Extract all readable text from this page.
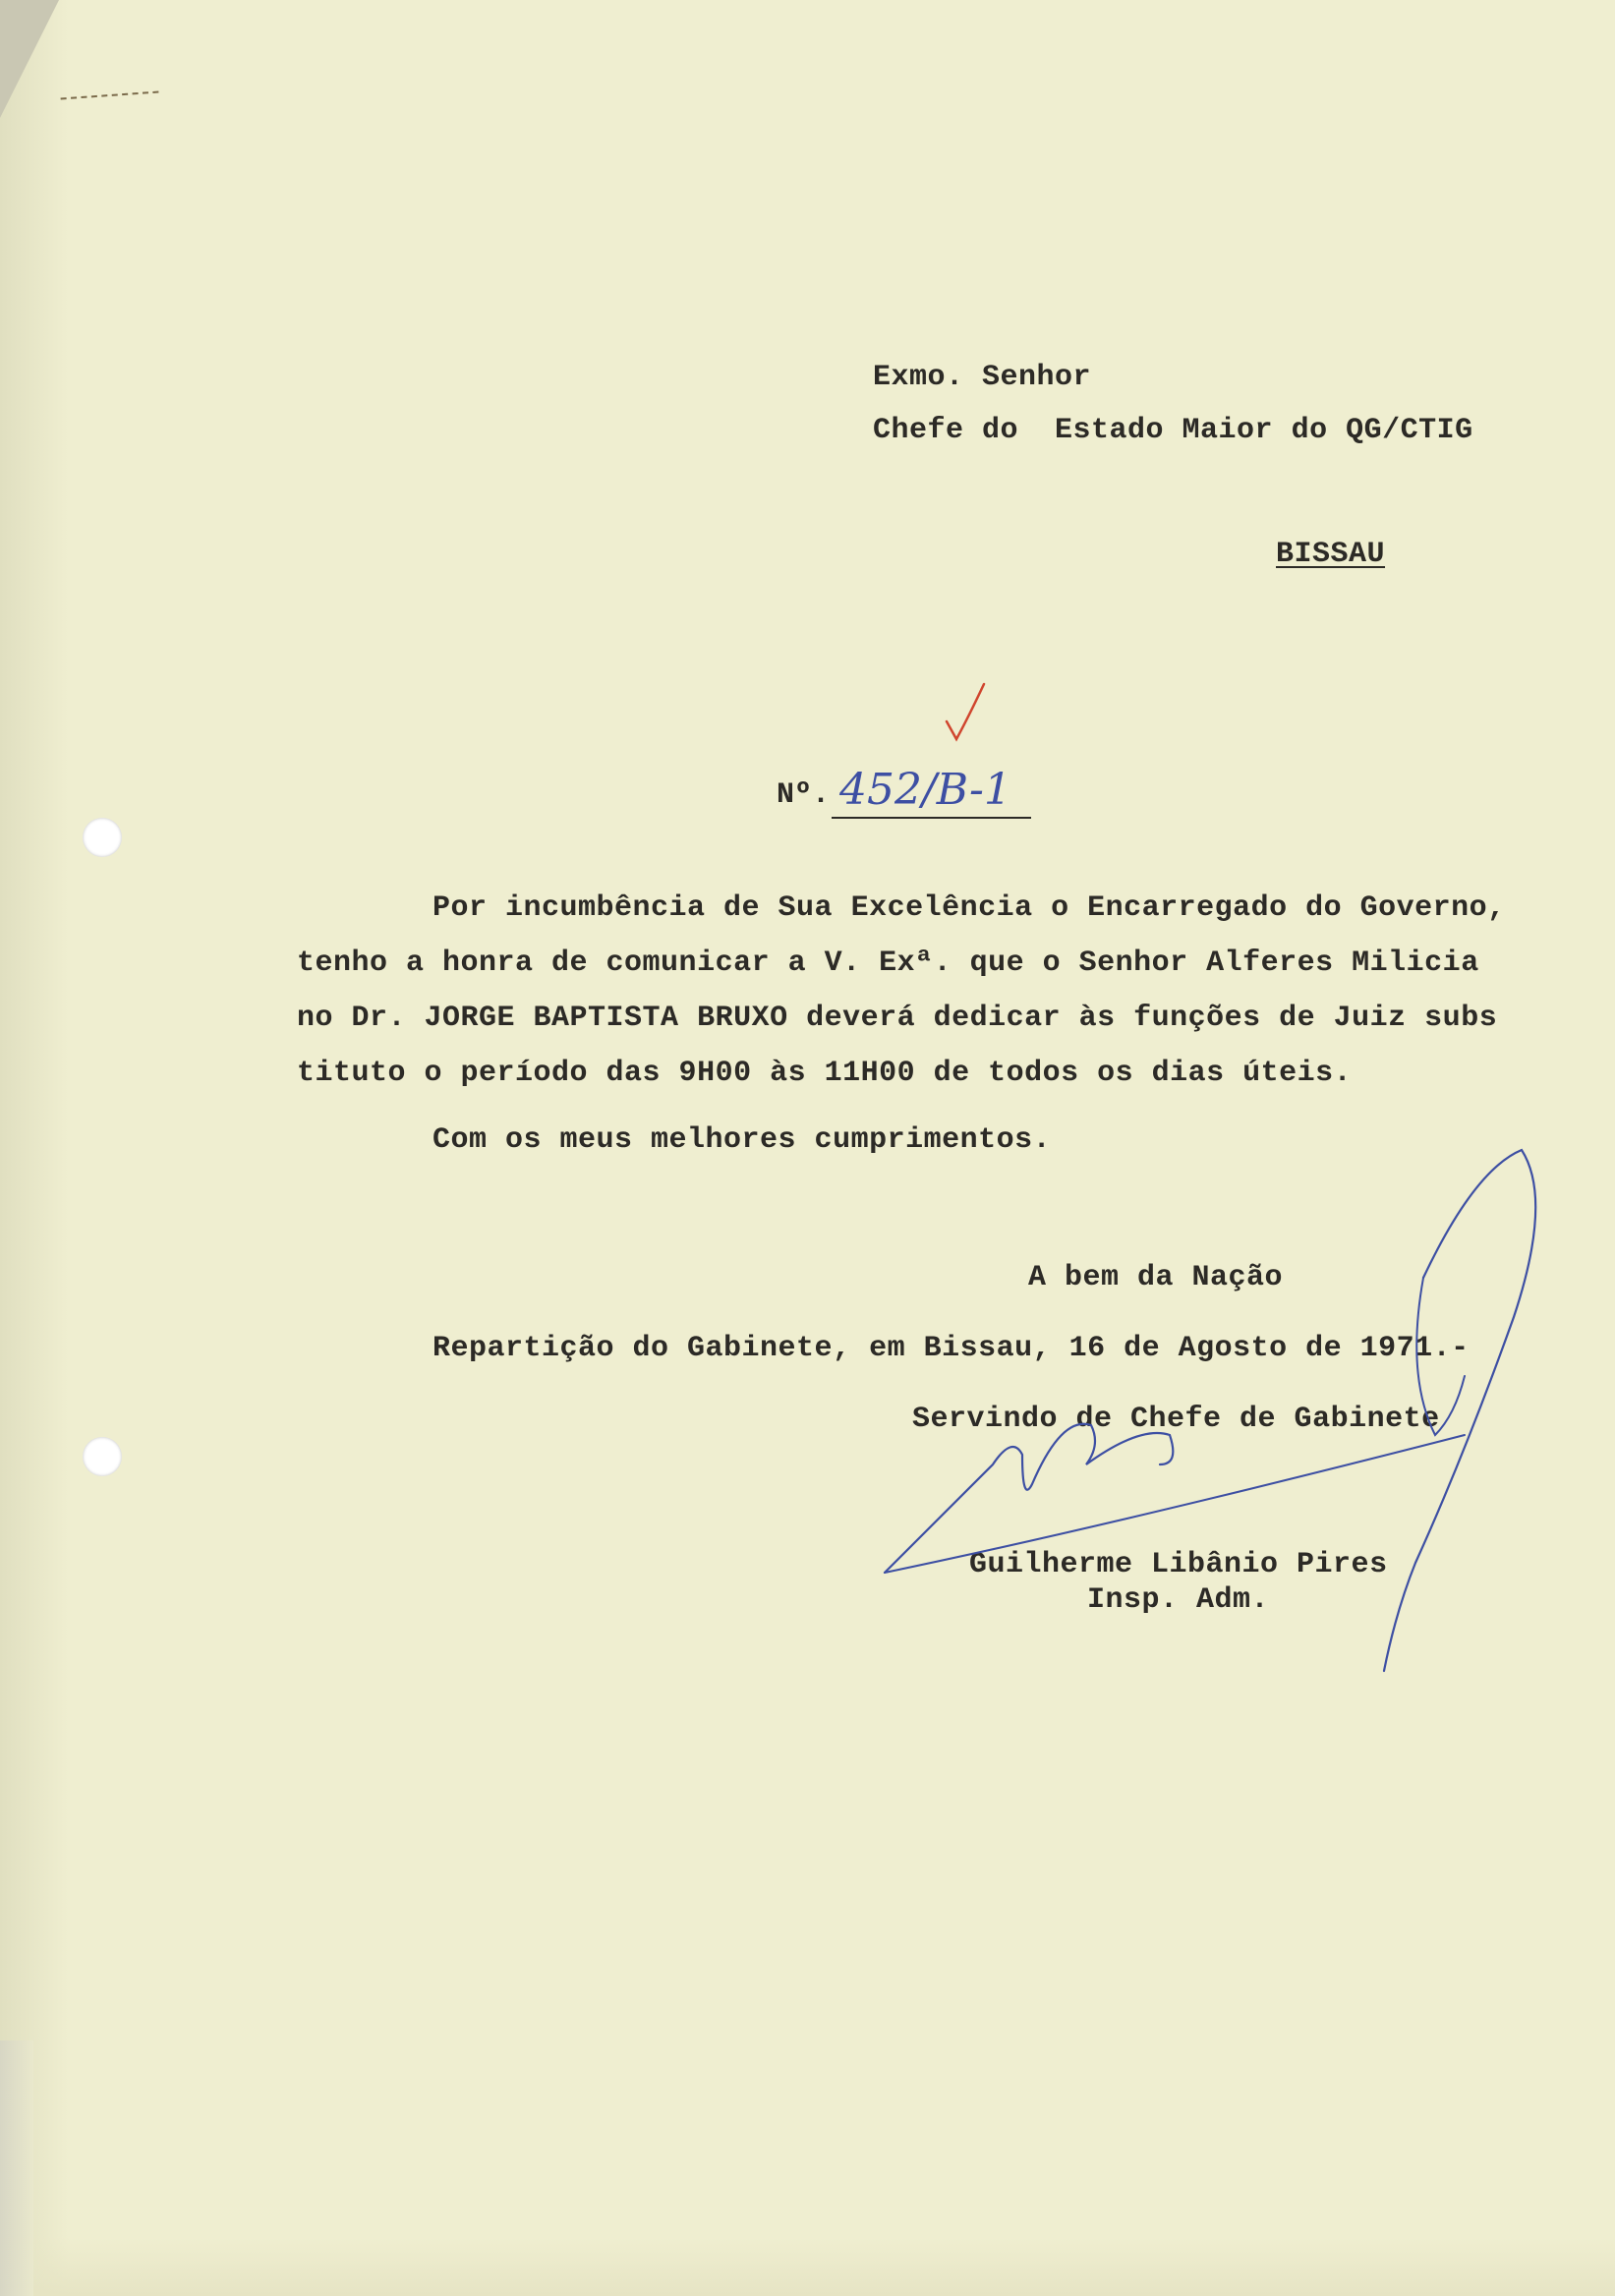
Exmo. Senhor
Chefe do  Estado Maior do QG/CTIG
BISSAU
Nº. 452/B-1
Por incumbência de Sua Excelência o Encarregado do Governo,
tenho a honra de comunicar a V. Exª. que o Senhor Alferes Milicia
no Dr. JORGE BAPTISTA BRUXO deverá dedicar às funções de Juiz subs
tituto o período das 9H00 às 11H00 de todos os dias úteis.
Com os meus melhores cumprimentos.
A bem da Nação
Repartição do Gabinete, em Bissau, 16 de Agosto de 1971.-
Servindo de Chefe de Gabinete
Guilherme Libânio Pires
Insp. Adm.
